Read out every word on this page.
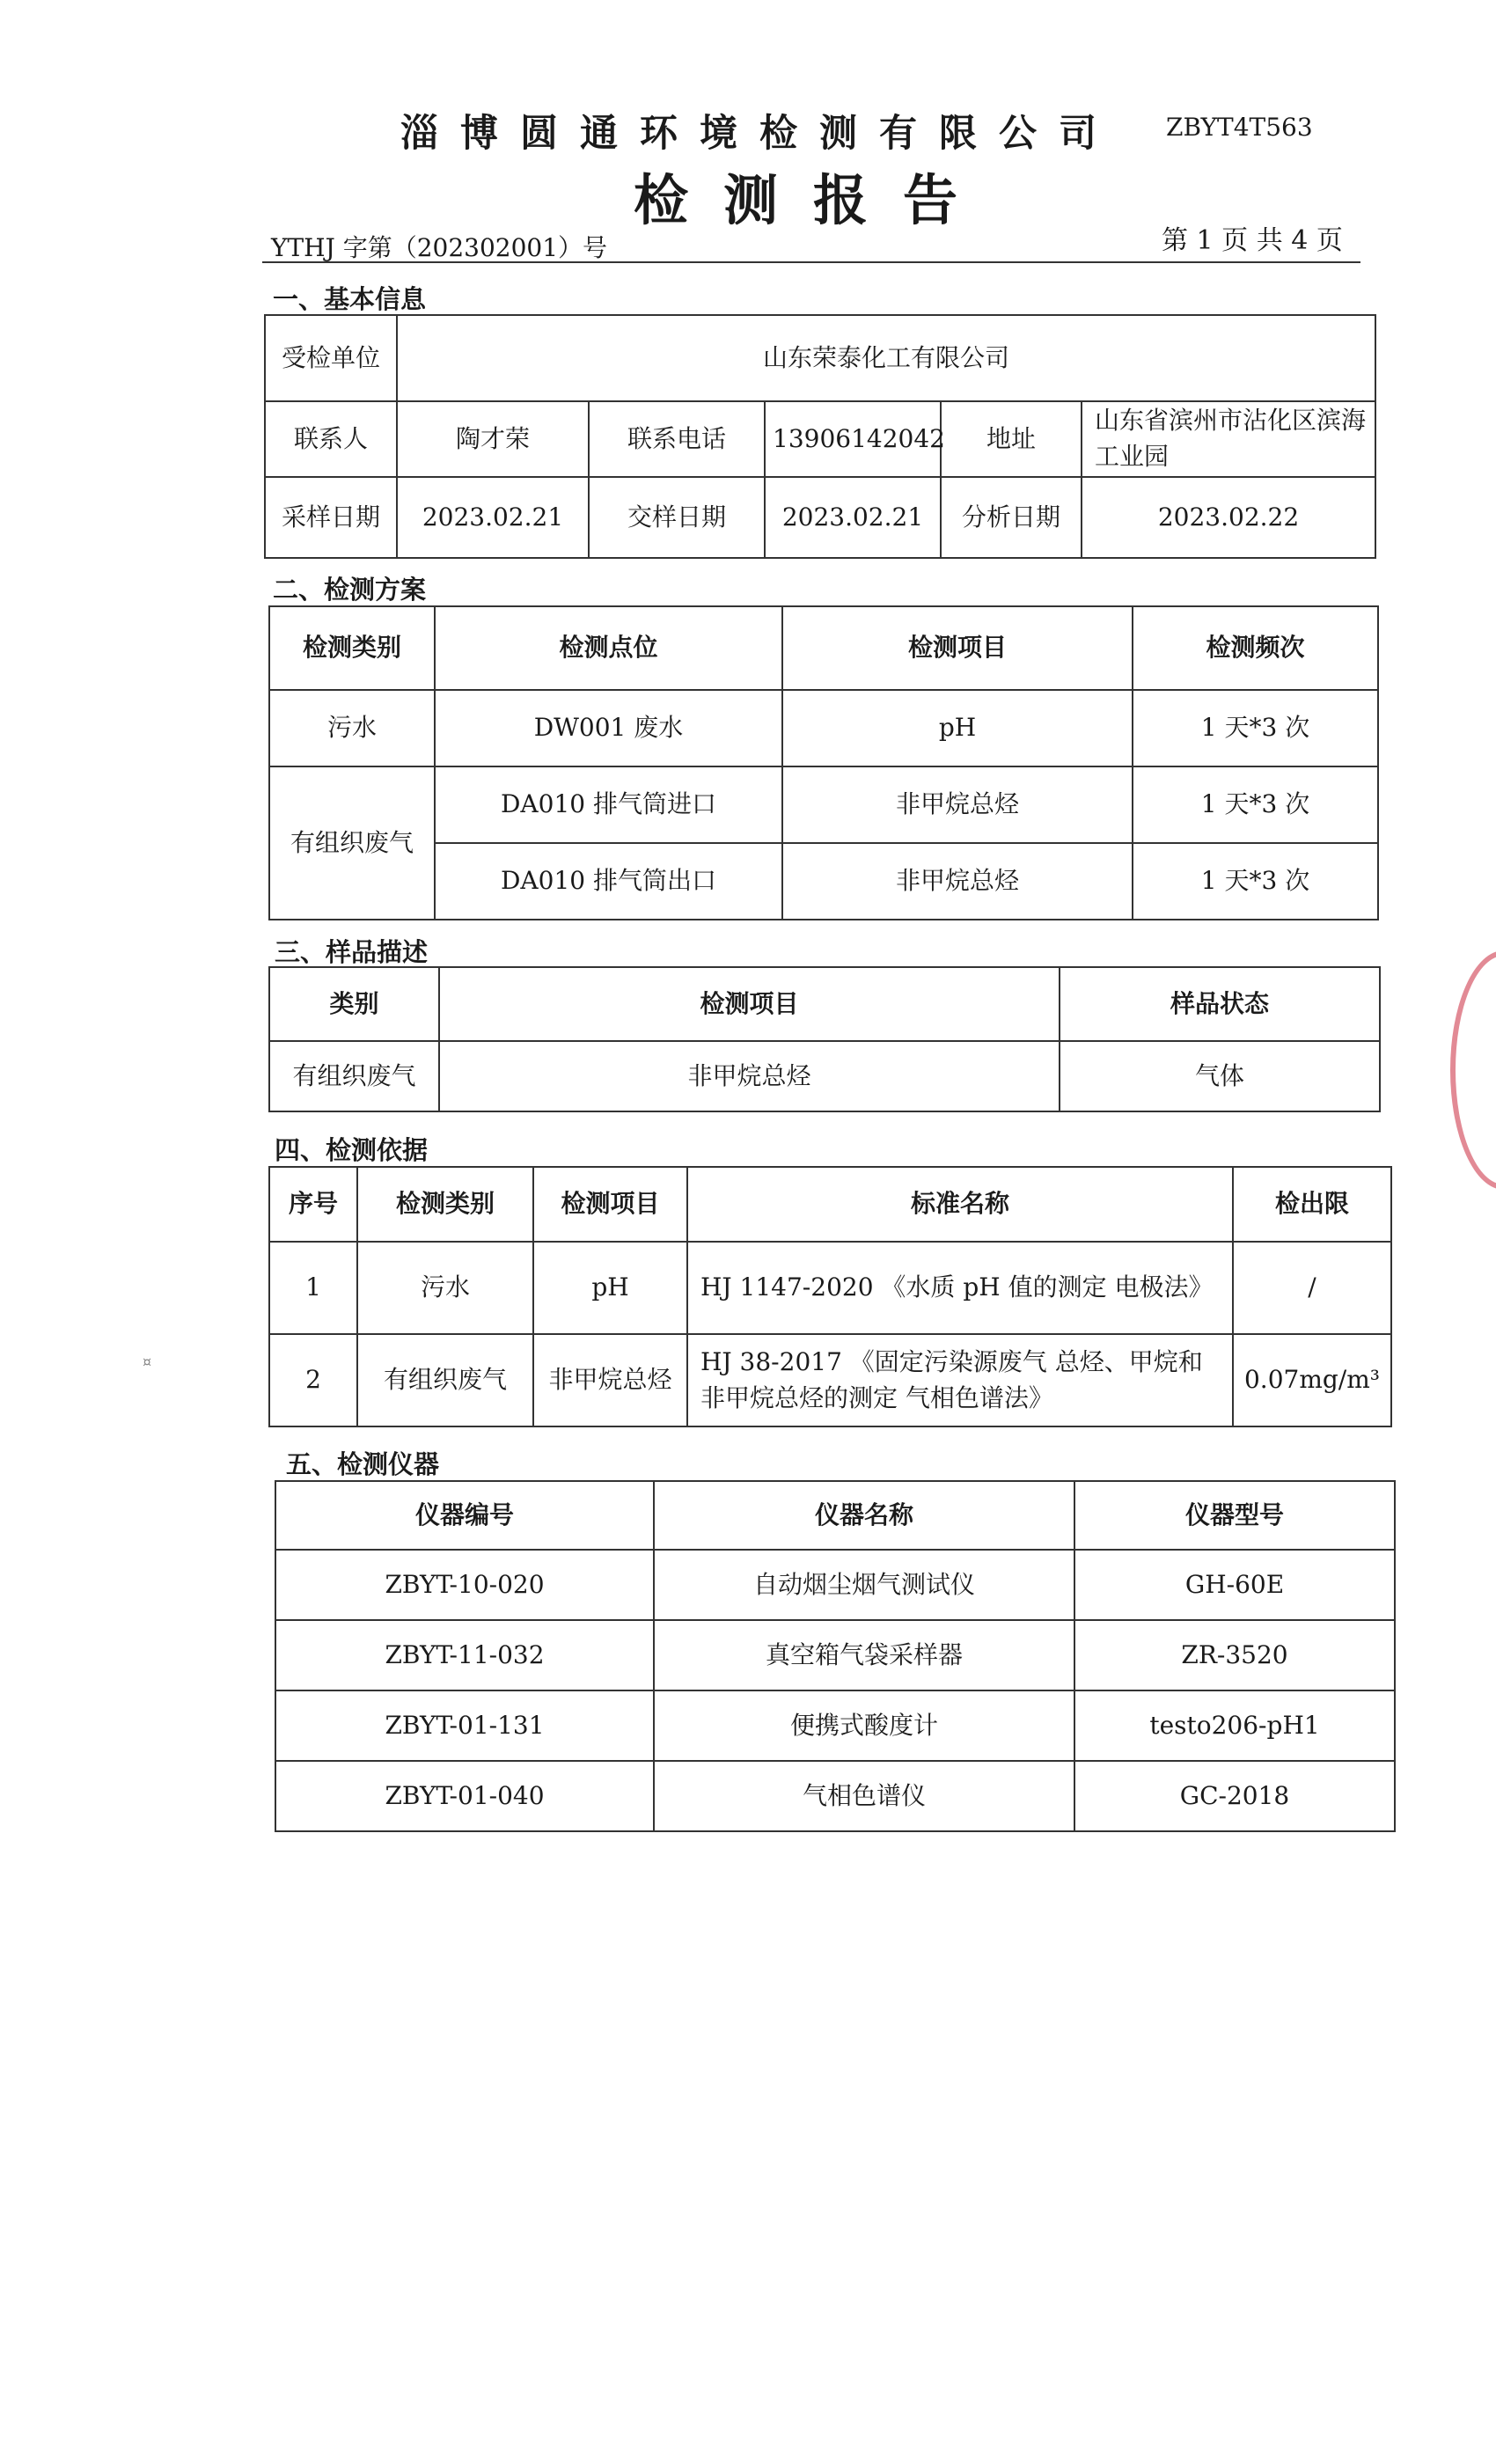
淄博圆通环境检测有限公司 ZBYT4T563
检测报告
YTHJ 字第（202302001）号	第 1 页 共 4 页
一、基本信息
受检单位	山东荣泰化工有限公司				
联系人	陶才荣	联系电话	13906142042	地址	山东省滨州市沾化区滨海工业园
采样日期	2023.02.21	交样日期	2023.02.21	分析日期	2023.02.22
二、检测方案
检测类别	检测点位	检测项目	检测频次
污水	DW001 废水	pH	1 天*3 次
有组织废气	DA010 排气筒进口	非甲烷总烃	1 天*3 次
	DA010 排气筒出口	非甲烷总烃	1 天*3 次
三、样品描述
类别	检测项目	样品状态
有组织废气	非甲烷总烃	气体
四、检测依据
序号	检测类别	检测项目	标准名称	检出限
1	污水	pH	HJ 1147-2020 《水质 pH 值的测定 电极法》	/
2	有组织废气	非甲烷总烃	HJ 38-2017 《固定污染源废气 总烃、甲烷和非甲烷总烃的测定 气相色谱法》	0.07mg/m³
五、检测仪器
仪器编号	仪器名称	仪器型号
ZBYT-10-020	自动烟尘烟气测试仪	GH-60E
ZBYT-11-032	真空箱气袋采样器	ZR-3520
ZBYT-01-131	便携式酸度计	testo206-pH1
ZBYT-01-040	气相色谱仪	GC-2018
¤
